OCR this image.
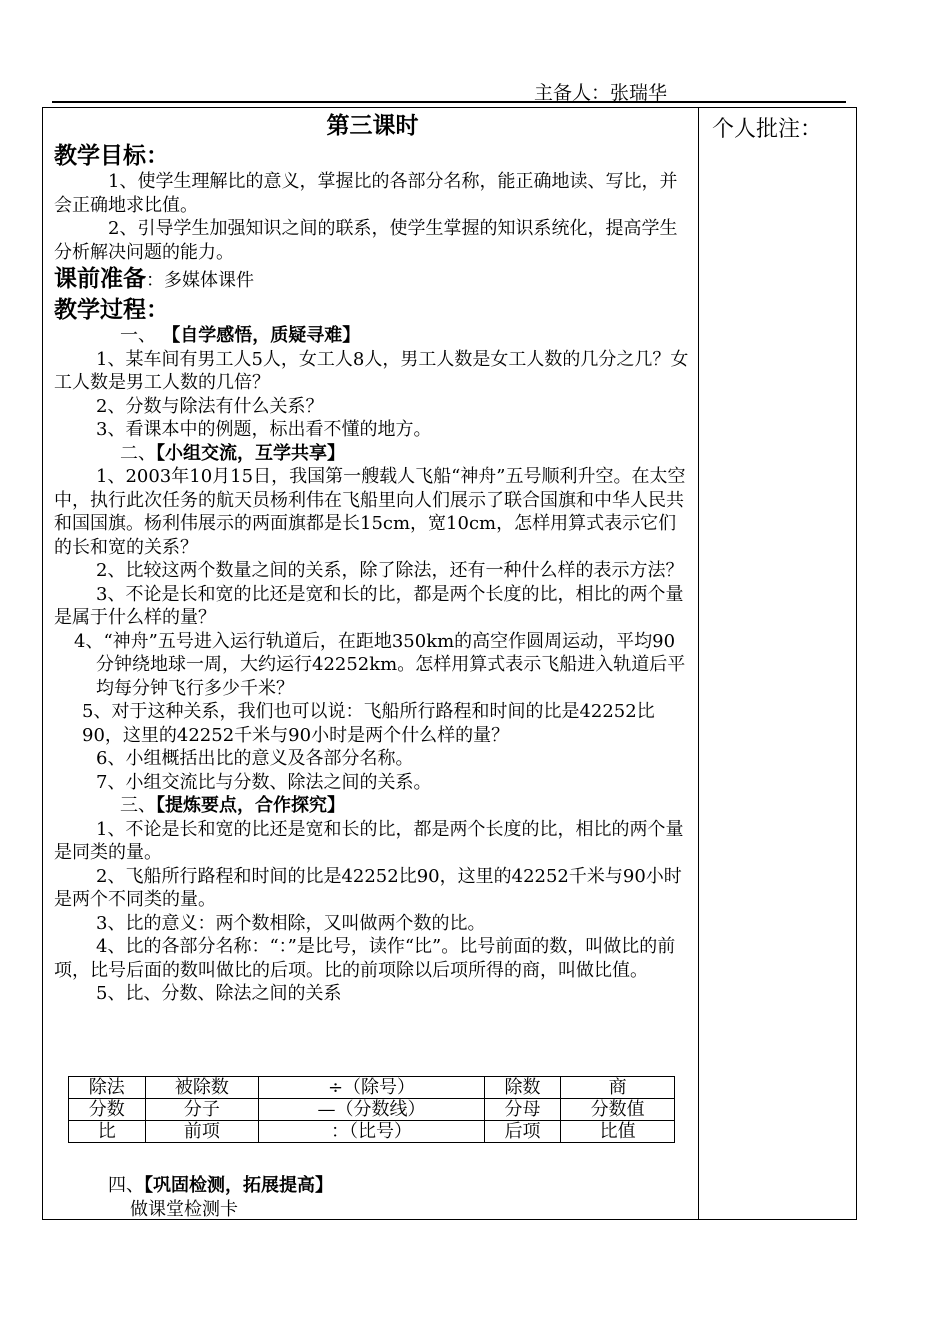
主备人：张瑞华
个人批注：
第三课时
教学目标：

1、使学生理解比的意义，掌握比的各部分名称，能正确地读、写比，并会正确地求比值。

2、引导学生加强知识之间的联系，使学生掌握的知识系统化，提高学生分析解决问题的能力。

课前准备：多媒体课件
教学过程：

一、 【自学感悟，质疑寻难】

1、某车间有男工人5人，女工人8人，男工人数是女工人数的几分之几？女工人数是男工人数的几倍？

2、分数与除法有什么关系？

3、看课本中的例题，标出看不懂的地方。

二、【小组交流，互学共享】

1、2003年10月15日，我国第一艘载人飞船“神舟”五号顺利升空。在太空中，执行此次任务的航天员杨利伟在飞船里向人们展示了联合国旗和中华人民共和国国旗。杨利伟展示的两面旗都是长15cm，宽10cm，怎样用算式表示它们的长和宽的关系？

2、比较这两个数量之间的关系，除了除法，还有一种什么样的表示方法？

3、不论是长和宽的比还是宽和长的比，都是两个长度的比，相比的两个量是属于什么样的量？

4、“神舟”五号进入运行轨道后，在距地350km的高空作圆周运动，平均90分钟绕地球一周，大约运行42252km。怎样用算式表示飞船进入轨道后平均每分钟飞行多少千米？

5、对于这种关系，我们也可以说：飞船所行路程和时间的比是42252比90，这里的42252千米与90小时是两个什么样的量？

6、小组概括出比的意义及各部分名称。

7、小组交流比与分数、除法之间的关系。

三、【提炼要点，合作探究】

1、不论是长和宽的比还是宽和长的比，都是两个长度的比，相比的两个量是同类的量。

2、飞船所行路程和时间的比是42252比90，这里的42252千米与90小时是两个不同类的量。

3、比的意义：两个数相除，又叫做两个数的比。

4、比的各部分名称：“：”是比号，读作“比”。比号前面的数，叫做比的前项，比号后面的数叫做比的后项。比的前项除以后项所得的商，叫做比值。

5、比、分数、除法之间的关系

除法	被除数	÷（除号）	除数	商
分数	分子	—（分数线）	分母	分数值
比	前项	：（比号）	后项	比值
四、【巩固检测，拓展提高】
做课堂检测卡
